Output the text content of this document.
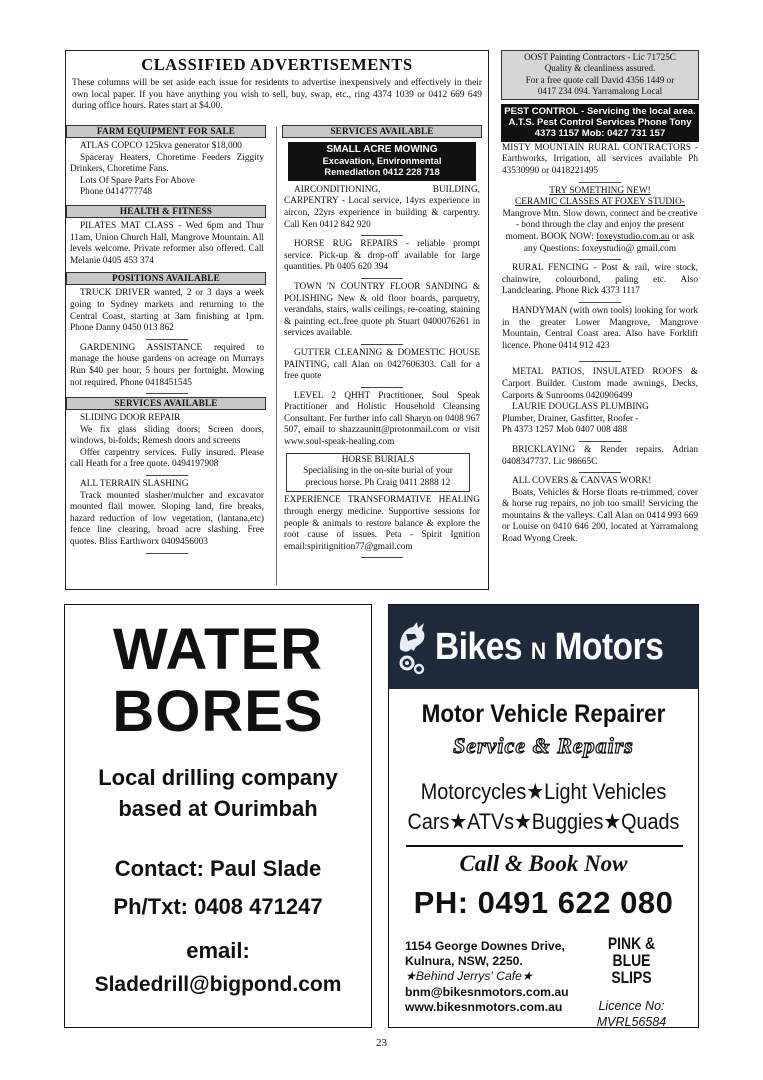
CLASSIFIED ADVERTISEMENTS
These columns will be set aside each issue for residents to advertise inexpensively and effectively in their own local paper. If you have anything you wish to sell, buy, swap, etc., ring 4374 1039 or 0412 669 649 during office hours. Rates start at $4.00.
FARM EQUIPMENT FOR SALE
ATLAS COPCO 125kva generator $18,000
Spaceray Heaters, Choretime Feeders Ziggity Drinkers, Choretime Fans.
Lots Of Spare Parts For Above
Phone 0414777748
HEALTH & FITNESS
PILATES MAT CLASS - Wed 6pm and Thur 11am, Union Church Hall, Mangrove Mountain. All levels welcome. Private reformer also offered. Call Melanie 0405 453 374
POSITIONS AVAILABLE
TRUCK DRIVER wanted, 2 or 3 days a week going to Sydney markets and returning to the Central Coast, starting at 3am finishing at 1pm. Phone Danny 0450 013 862
GARDENING ASSISTANCE required to manage the house gardens on acreage on Murrays Run $40 per hour, 5 hours per fortnight. Mowing not required. Phone 0418451545
SERVICES AVAILABLE
SLIDING DOOR REPAIR
We fix glass sliding doors; Screen doors, windows, bi-folds; Remesh doors and screens
Offer carpentry services. Fully insured. Please call Heath for a free quote. 0494197908
ALL TERRAIN SLASHING
Track mounted slasher/mulcher and excavator mounted flail mower. Sloping land, fire breaks, hazard reduction of low vegetation, (lantana,etc) fence line clearing, broad acre slashing. Free quotes. Bliss Earthworx 0409456003
SERVICES AVAILABLE
SMALL ACRE MOWING
Excavation, Environmental
Remediation 0412 228 718
AIRCONDITIONING, BUILDING, CARPENTRY - Local service, 14yrs experience in aircon, 22yrs experience in building & carpentry. Call Ken 0412 842 920
HORSE RUG REPAIRS - reliable prompt service. Pick-up & drop-off available for large quantities. Ph 0405 620 394
TOWN 'N COUNTRY FLOOR SANDING & POLISHING New & old floor boards, parquetry, verandahs, stairs, walls ceilings, re-coating, staining & painting ect..free quote ph Stuart 0400076261 in services available.
GUTTER CLEANING & DOMESTIC HOUSE PAINTING, call Alan on 0427606303. Call for a free quote
LEVEL 2 QHHT Practitioner, Soul Speak Practitioner and Holistic Household Cleansing Consultant. For further info call Sharyn on 0408 967 507, email to shazzaunitt@protonmail.com or visit www.soul-speak-healing.com
HORSE BURIALS
Specialising in the on-site burial of your precious horse. Ph Craig 0411 2888 12
EXPERIENCE TRANSFORMATIVE HEALING through energy medicine. Supportive sessions for people & animals to restore balance & explore the root cause of issues. Peta - Spirit Ignition email:spiritignition77@gmail.com
OOST Painting Contractors - Lic 71725C
Quality & cleanliness assured.
For a free quote call David 4356 1449 or
0417 234 094. Yarramalong Local
PEST CONTROL - Servicing the local area. A.T.S. Pest Control Services Phone Tony 4373 1157 Mob: 0427 731 157
MISTY MOUNTAIN RURAL CONTRACTORS - Earthworks, Irrigation, all services available Ph 43530990 or 0418221495
TRY SOMETHING NEW!
CERAMIC CLASSES AT FOXEY STUDIO-
Mangrove Mtn. Slow down, connect and be creative - bond through the clay and enjoy the present moment. BOOK NOW: foxeystudio.com.au or ask any Questions: foxeystudio@ gmail.com
RURAL FENCING - Post & rail, wire stock, chainwire, colourbond, paling etc. Also Landclearing. Phone Rick 4373 1117
HANDYMAN (with own tools) looking for work in the greater Lower Mangrove, Mangrove Mountain, Central Coast area. Also have Forklift licence. Phone 0414 912 423
METAL PATIOS, INSULATED ROOFS & Carport Builder. Custom made awnings, Decks, Carports & Sunrooms 0420906499
LAURIE DOUGLASS PLUMBING
Plumber, Drainer, Gasfitter, Roofer -
Ph 4373 1257 Mob 0407 008 488
BRICKLAYING & Render repairs. Adrian 0408347737. Lic 98665C
ALL COVERS & CANVAS WORK!
Boats, Vehicles & Horse floats re-trimmed, cover & horse rug repairs, no job too small! Servicing the mountains & the valleys. Call Alan on 0414 993 669 or Louise on 0410 646 200. located at Yarramalong Road Wyong Creek.
WATER
BORES
Local drilling company
based at Ourimbah
Contact: Paul Slade
Ph/Txt: 0408 471247
email:
Sladedrill@bigpond.com
Bikes N Motors
Motor Vehicle Repairer
Service & Repairs
Motorcycles★Light Vehicles
Cars★ATVs★Buggies★Quads
Call & Book Now
PH: 0491 622 080
1154 George Downes Drive,
Kulnura, NSW, 2250.
★Behind Jerrys' Cafe★
bnm@bikesnmotors.com.au
www.bikesnmotors.com.au
PINK & BLUE
SLIPS
Licence No:
MVRL56584
23
